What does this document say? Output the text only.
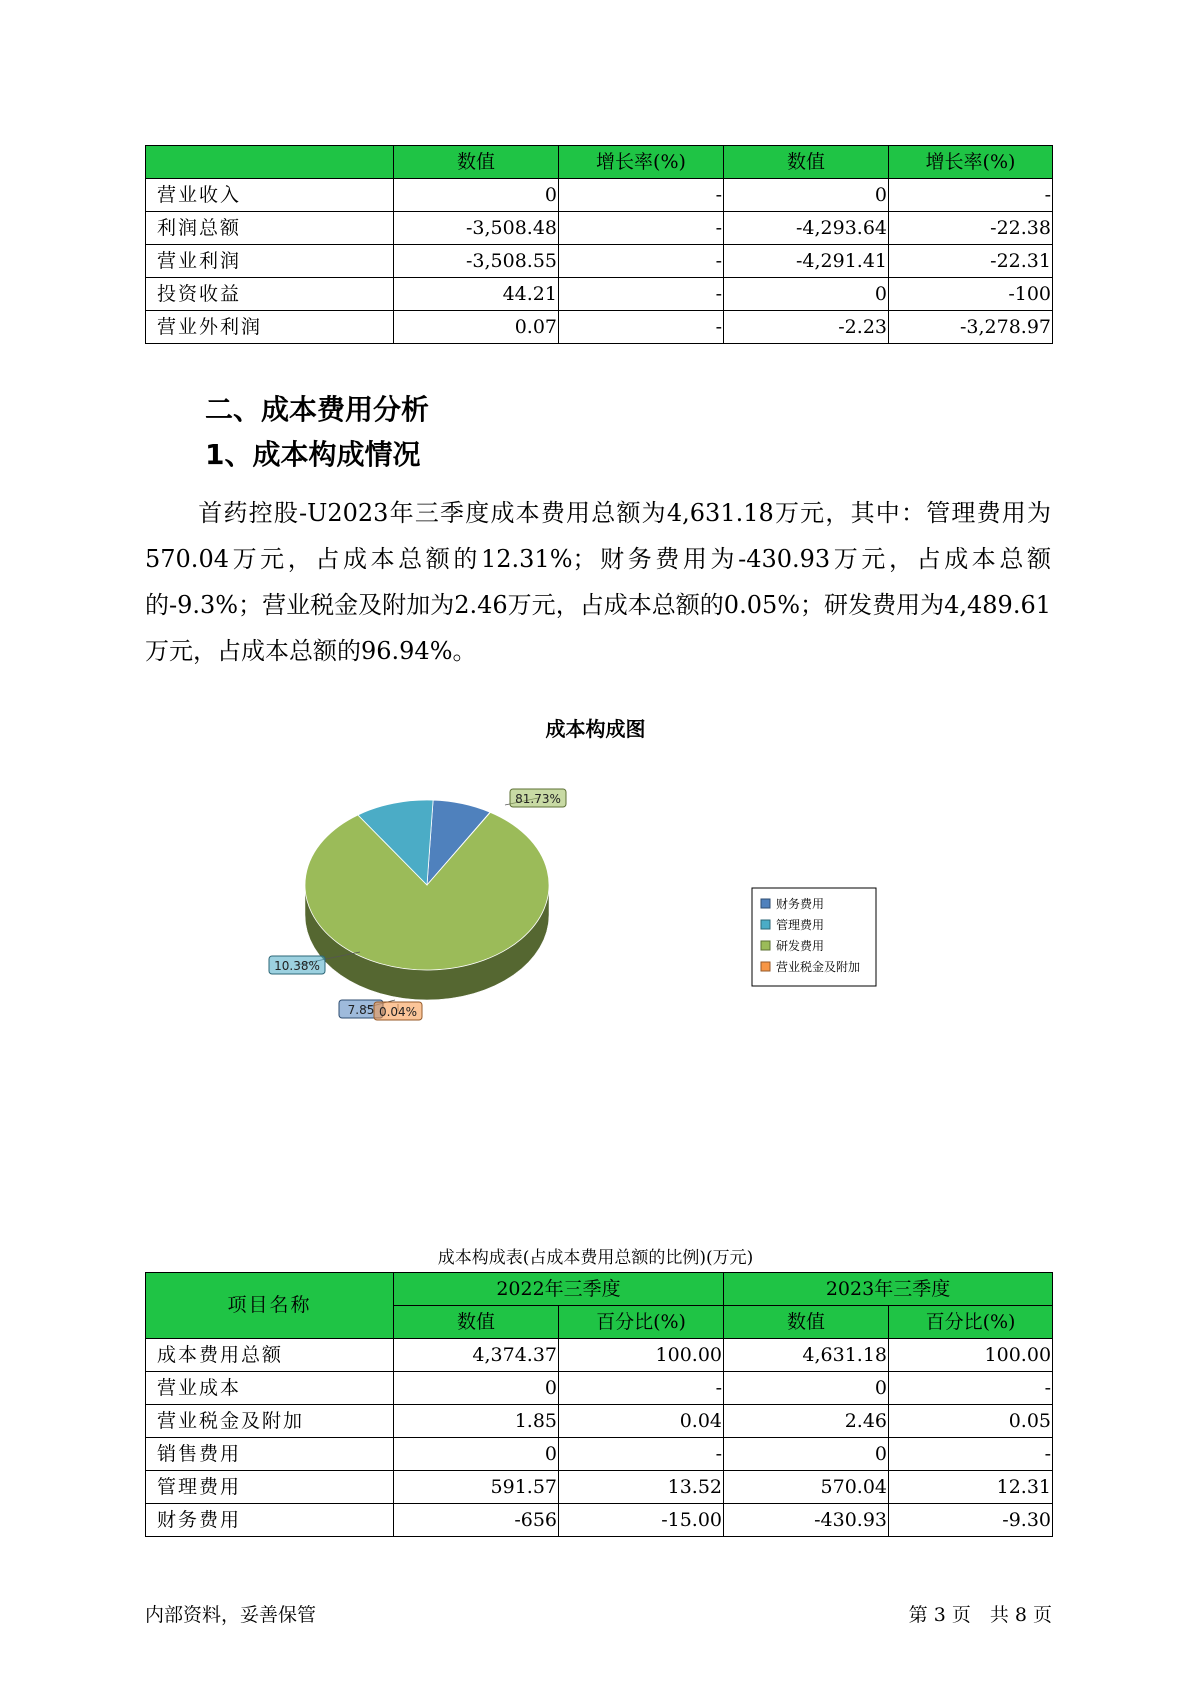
	数值	增长率(%)	数值	增长率(%)
营业收入	0	-	0	-
利润总额	-3,508.48	-	-4,293.64	-22.38
营业利润	-3,508.55	-	-4,291.41	-22.31
投资收益	44.21	-	0	-100
营业外利润	0.07	-	-2.23	-3,278.97
二、成本费用分析
1、成本构成情况

首药控股-U2023年三季度成本费用总额为4,631.18万元，其中：管理费用为570.04万元，占成本总额的12.31%；财务费用为-430.93万元，占成本总额的-9.3%；营业税金及附加为2.46万元，占成本总额的0.05%；研发费用为4,489.61万元，占成本总额的96.94%。

成本构成图
81.73%
10.38%
7.85 0.04%
财务费用
管理费用
研发费用
营业税金及附加
成本构成表(占成本费用总额的比例)(万元)
项目名称	2022年三季度		2023年三季度	
	数值	百分比(%)	数值	百分比(%)
成本费用总额	4,374.37	100.00	4,631.18	100.00
营业成本	0	-	0	-
营业税金及附加	1.85	0.04	2.46	0.05
销售费用	0	-	0	-
管理费用	591.57	13.52	570.04	12.31
财务费用	-656	-15.00	-430.93	-9.30
内部资料，妥善保管	第 3 页　共 8 页
